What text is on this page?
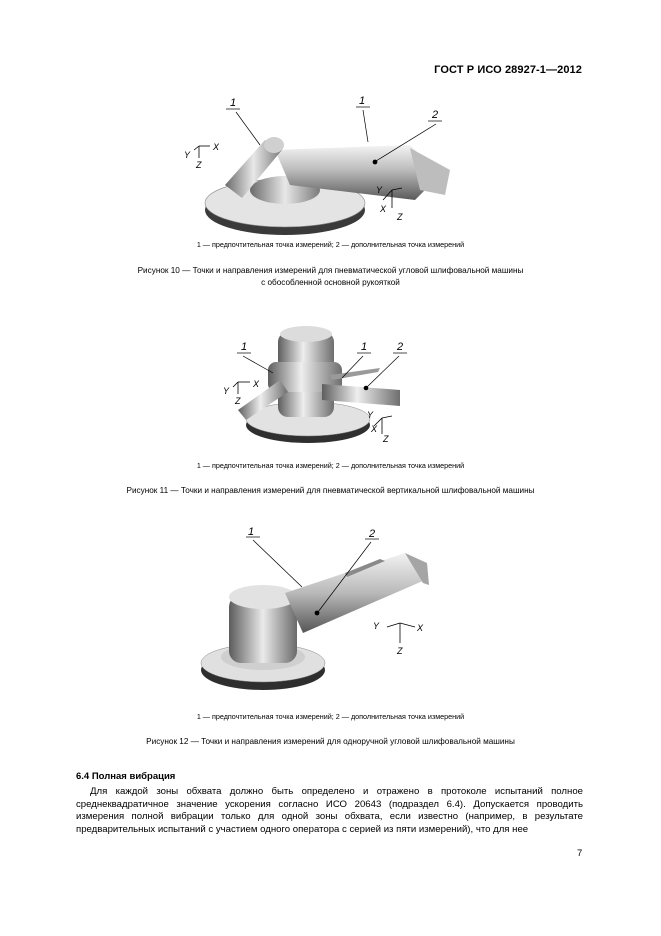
ГОСТ Р ИСО 28927-1—2012
1	1
2
Y
X
Z
Y
X
Z
1 — предпочтительная точка измерений; 2 — дополнительная точка измерений
Рисунок 10 — Точки и направления измерений для пневматической угловой шлифовальной машины
с обособленной основной рукояткой
1	1	2
Y
X
Z
Y
X
Z
1 — предпочтительная точка измерений; 2 — дополнительная точка измерений
Рисунок 11 — Точки и направления измерений для пневматической вертикальной шлифовальной машины
1	2
Y	X
Z
1 — предпочтительная точка измерений; 2 — дополнительная точка измерений
Рисунок 12 — Точки и направления измерений для одноручной угловой шлифовальной машины
6.4 Полная вибрация
Для каждой зоны обхвата должно быть определено и отражено в протоколе испытаний полное среднеквадратичное значение ускорения согласно ИСО 20643 (подраздел 6.4). Допускается проводить измерения полной вибрации только для одной зоны обхвата, если известно (например, в результате предварительных испытаний с участием одного оператора с серией из пяти измерений), что для нее
7
